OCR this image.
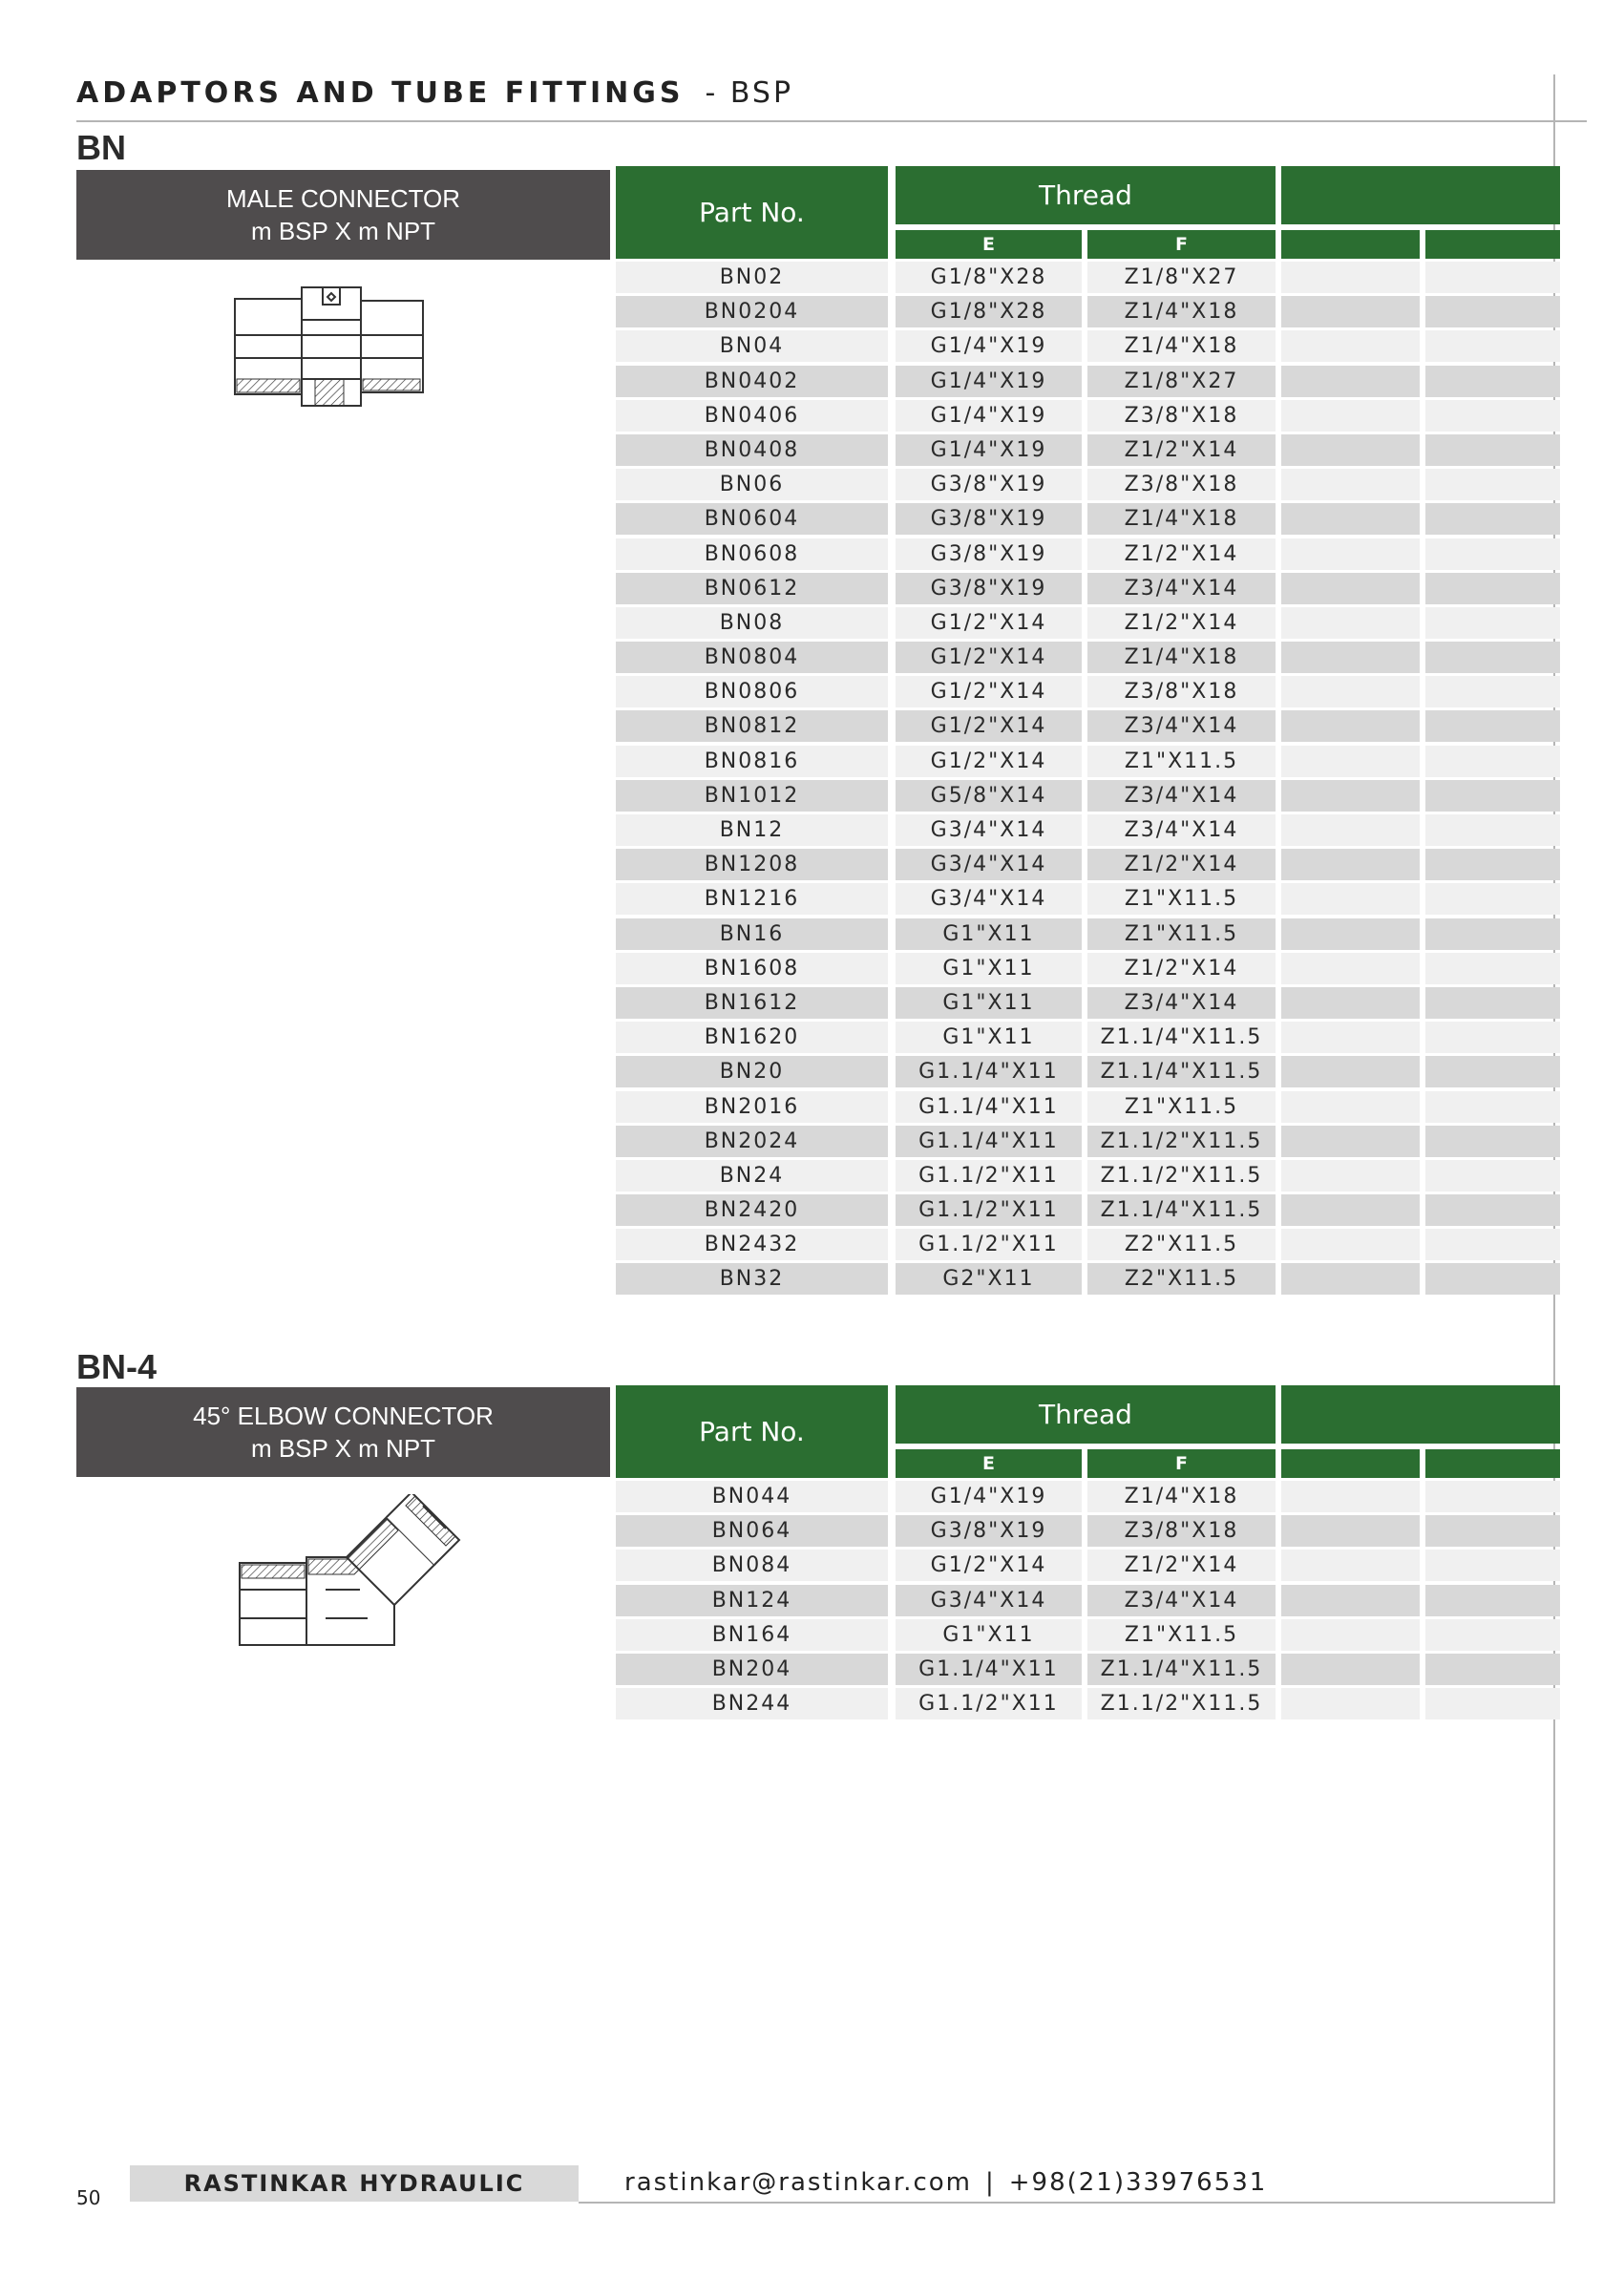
ADAPTORS AND TUBE FITTINGS - BSP
BN
MALE CONNECTOR
m BSP X m NPT
Part No.
Thread
E	F
BN02	G1/8"X28	Z1/8"X27
BN0204	G1/8"X28	Z1/4"X18
BN04	G1/4"X19	Z1/4"X18
BN0402	G1/4"X19	Z1/8"X27
BN0406	G1/4"X19	Z3/8"X18
BN0408	G1/4"X19	Z1/2"X14
BN06	G3/8"X19	Z3/8"X18
BN0604	G3/8"X19	Z1/4"X18
BN0608	G3/8"X19	Z1/2"X14
BN0612	G3/8"X19	Z3/4"X14
BN08	G1/2"X14	Z1/2"X14
BN0804	G1/2"X14	Z1/4"X18
BN0806	G1/2"X14	Z3/8"X18
BN0812	G1/2"X14	Z3/4"X14
BN0816	G1/2"X14	Z1"X11.5
BN1012	G5/8"X14	Z3/4"X14
BN12	G3/4"X14	Z3/4"X14
BN1208	G3/4"X14	Z1/2"X14
BN1216	G3/4"X14	Z1"X11.5
BN16	G1"X11	Z1"X11.5
BN1608	G1"X11	Z1/2"X14
BN1612	G1"X11	Z3/4"X14
BN1620	G1"X11	Z1.1/4"X11.5
BN20	G1.1/4"X11	Z1.1/4"X11.5
BN2016	G1.1/4"X11	Z1"X11.5
BN2024	G1.1/4"X11	Z1.1/2"X11.5
BN24	G1.1/2"X11	Z1.1/2"X11.5
BN2420	G1.1/2"X11	Z1.1/4"X11.5
BN2432	G1.1/2"X11	Z2"X11.5
BN32	G2"X11	Z2"X11.5
BN-4
45° ELBOW CONNECTOR
m BSP X m NPT
Part No.
Thread
E	F
BN044	G1/4"X19	Z1/4"X18
BN064	G3/8"X19	Z3/8"X18
BN084	G1/2"X14	Z1/2"X14
BN124	G3/4"X14	Z3/4"X14
BN164	G1"X11	Z1"X11.5
BN204	G1.1/4"X11	Z1.1/4"X11.5
BN244	G1.1/2"X11	Z1.1/2"X11.5
50
RASTINKAR HYDRAULIC	rastinkar@rastinkar.com | +98(21)33976531
